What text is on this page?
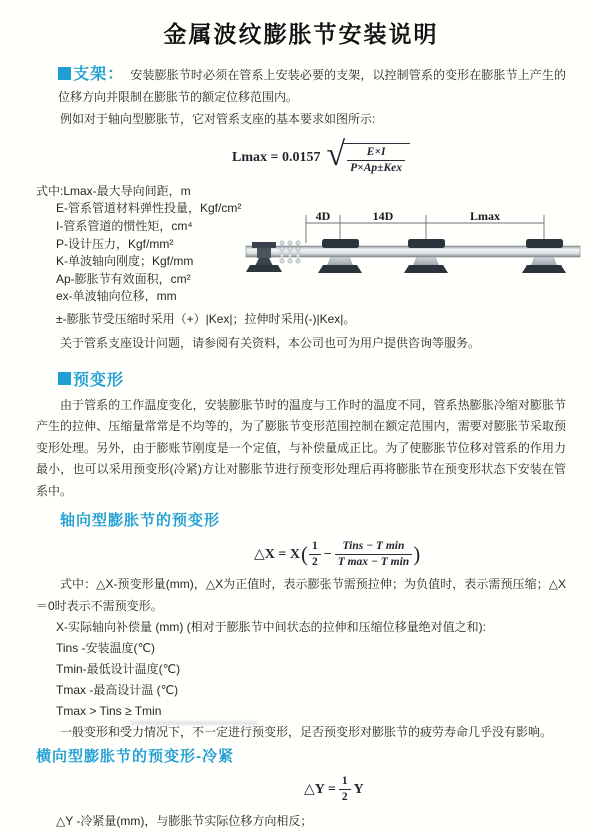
金属波纹膨胀节安装说明

支架： 安装膨胀节时必须在管系上安装必要的支架，以控制管系的变形在膨胀节上产生的位移方向并限制在膨胀节的额定位移范围内。

例如对于轴向型膨胀节，它对管系支座的基本要求如图所示:

Lmax = 0.0157 √ $\frac{E\times I}{\text{P×Ap±Kex}}$
式中:Lmax-最大导向间距，m
E-管系管道材料弹性投量，Kgf/cm²
I-管系管道的惯性矩，cm⁴
P-设计压力，Kgf/mm²
K-单波轴向刚度；Kgf/mm
Ap-膨胀节有效面积，cm²
ex-单波轴向位移，mm
4D	14D	Lmax

±-膨胀节受压缩时采用（+）|Kex|；拉伸时采用(-)|Kex|。

关于管系支座设计问题，请参阅有关资料，本公司也可为用户提供咨询等服务。

预变形

由于管系的工作温度变化，安装膨胀节时的温度与工作时的温度不同，管系热膨胀冷缩对膨胀节产生的拉伸、压缩量常常是不均等的，为了膨胀节变形范围控制在额定范围内，需要对膨胀节采取预变形处理。另外，由于膨账节刚度是一个定值，与补偿量成正比。为了使膨胀节位移对管系的作用力最小，也可以采用预变形(冷紧)方让对膨胀节进行预变形处理后再将膨胀节在预变形状态下安装在管系中。

轴向型膨胀节的预变形
△X = X ( $\frac{1}{2} - \frac{\text{Tins − T min}}{\text{T max − T min}}$ )

式中：△X-预变形量(mm)，△X为正值时，表示膨张节需预拉伸；为负值时，表示需预压缩；△X＝0时表示不需预变形。

X-实际轴向补偿量 (mm) (相对于膨胀节中间状态的拉伸和压缩位移量绝对值之和):
Tins -安装温度(℃)
Tmin-最低设计温度(℃)
Tmax -最高设计温 (℃)
Tmax > Tins ≥ Tmin

一般变形和受力情况下，不一定进行预变形，足否预变形对膨胀节的疲劳寿命几乎没有影响。

横向型膨胀节的预变形-冷紧
△Y = $\frac{1}{2}$ Y

△Y -冷紧量(mm)，与膨胀节实际位移方向相反；
